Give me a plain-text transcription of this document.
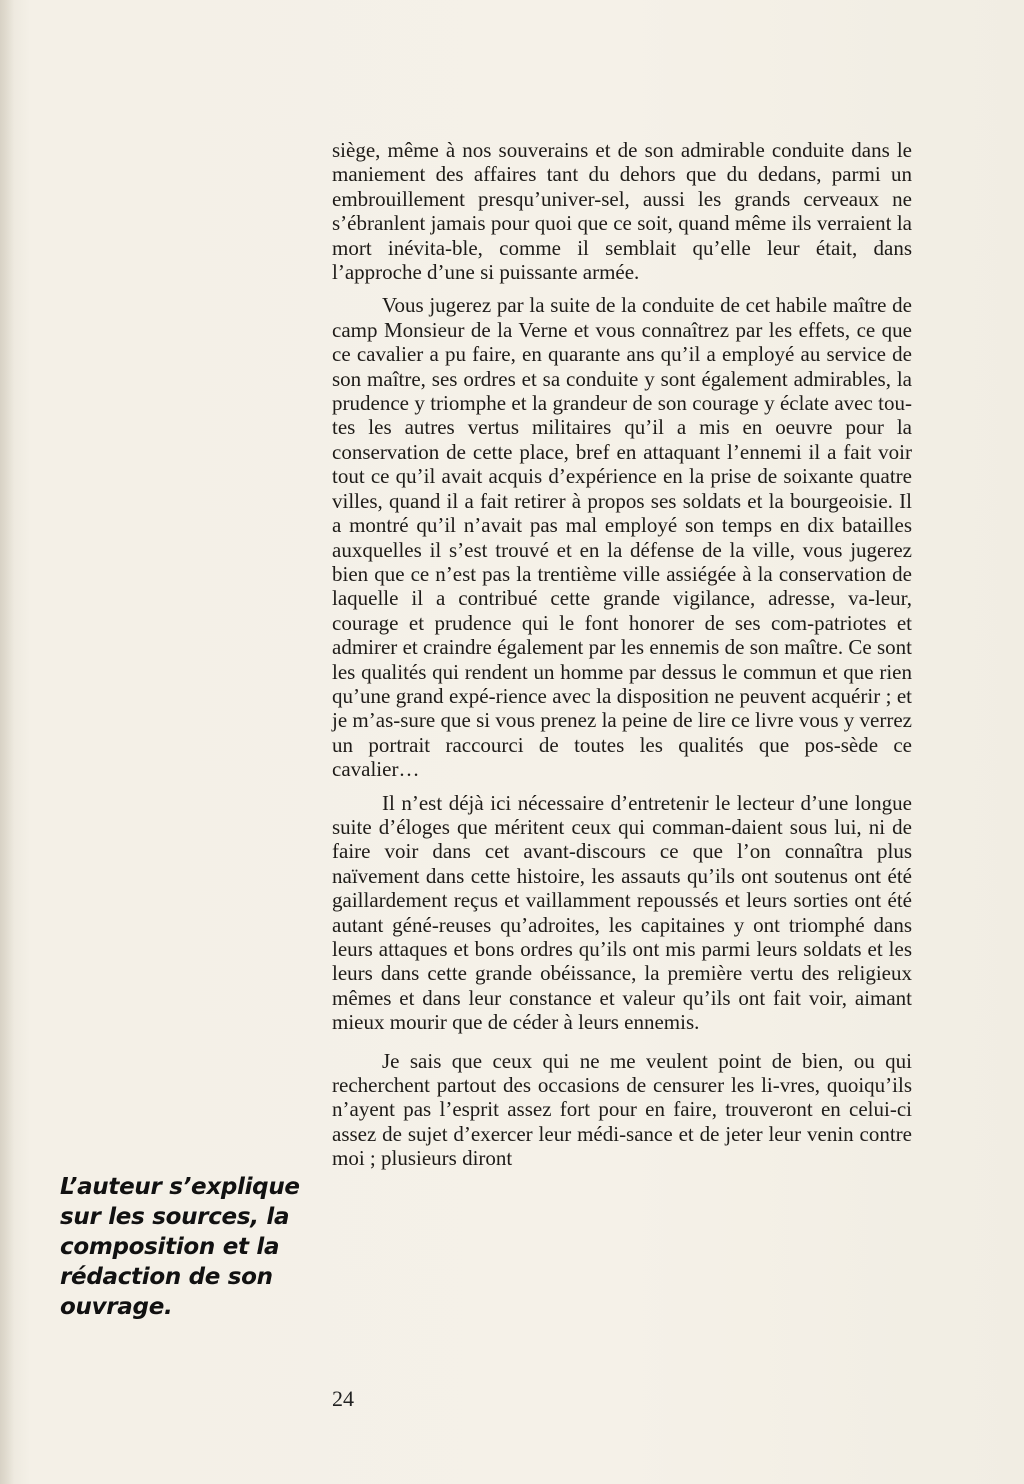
siège, même à nos souverains et de son admirable conduite dans le maniement des affaires tant du dehors que du dedans, parmi un embrouillement presqu’univer-sel, aussi les grands cerveaux ne s’ébranlent jamais pour quoi que ce soit, quand même ils verraient la mort inévita-ble, comme il semblait qu’elle leur était, dans l’approche d’une si puissante armée.

Vous jugerez par la suite de la conduite de cet habile maître de camp Monsieur de la Verne et vous connaîtrez par les effets, ce que ce cavalier a pu faire, en quarante ans qu’il a employé au service de son maître, ses ordres et sa conduite y sont également admirables, la prudence y triomphe et la grandeur de son courage y éclate avec tou-tes les autres vertus militaires qu’il a mis en oeuvre pour la conservation de cette place, bref en attaquant l’ennemi il a fait voir tout ce qu’il avait acquis d’expérience en la prise de soixante quatre villes, quand il a fait retirer à propos ses soldats et la bourgeoisie. Il a montré qu’il n’avait pas mal employé son temps en dix batailles auxquelles il s’est trouvé et en la défense de la ville, vous jugerez bien que ce n’est pas la trentième ville assiégée à la conservation de laquelle il a contribué cette grande vigilance, adresse, va-leur, courage et prudence qui le font honorer de ses com-patriotes et admirer et craindre également par les ennemis de son maître. Ce sont les qualités qui rendent un homme par dessus le commun et que rien qu’une grand expé-rience avec la disposition ne peuvent acquérir ; et je m’as-sure que si vous prenez la peine de lire ce livre vous y verrez un portrait raccourci de toutes les qualités que pos-sède ce cavalier…

Il n’est déjà ici nécessaire d’entretenir le lecteur d’une longue suite d’éloges que méritent ceux qui comman-daient sous lui, ni de faire voir dans cet avant-discours ce que l’on connaîtra plus naïvement dans cette histoire, les assauts qu’ils ont soutenus ont été gaillardement reçus et vaillamment repoussés et leurs sorties ont été autant géné-reuses qu’adroites, les capitaines y ont triomphé dans leurs attaques et bons ordres qu’ils ont mis parmi leurs soldats et les leurs dans cette grande obéissance, la première vertu des religieux mêmes et dans leur constance et valeur qu’ils ont fait voir, aimant mieux mourir que de céder à leurs ennemis.

Je sais que ceux qui ne me veulent point de bien, ou qui recherchent partout des occasions de censurer les li-vres, quoiqu’ils n’ayent pas l’esprit assez fort pour en faire, trouveront en celui-ci assez de sujet d’exercer leur médi-sance et de jeter leur venin contre moi ; plusieurs diront

L’auteur s’explique sur les sources, la composition et la rédaction de son ouvrage.
24
